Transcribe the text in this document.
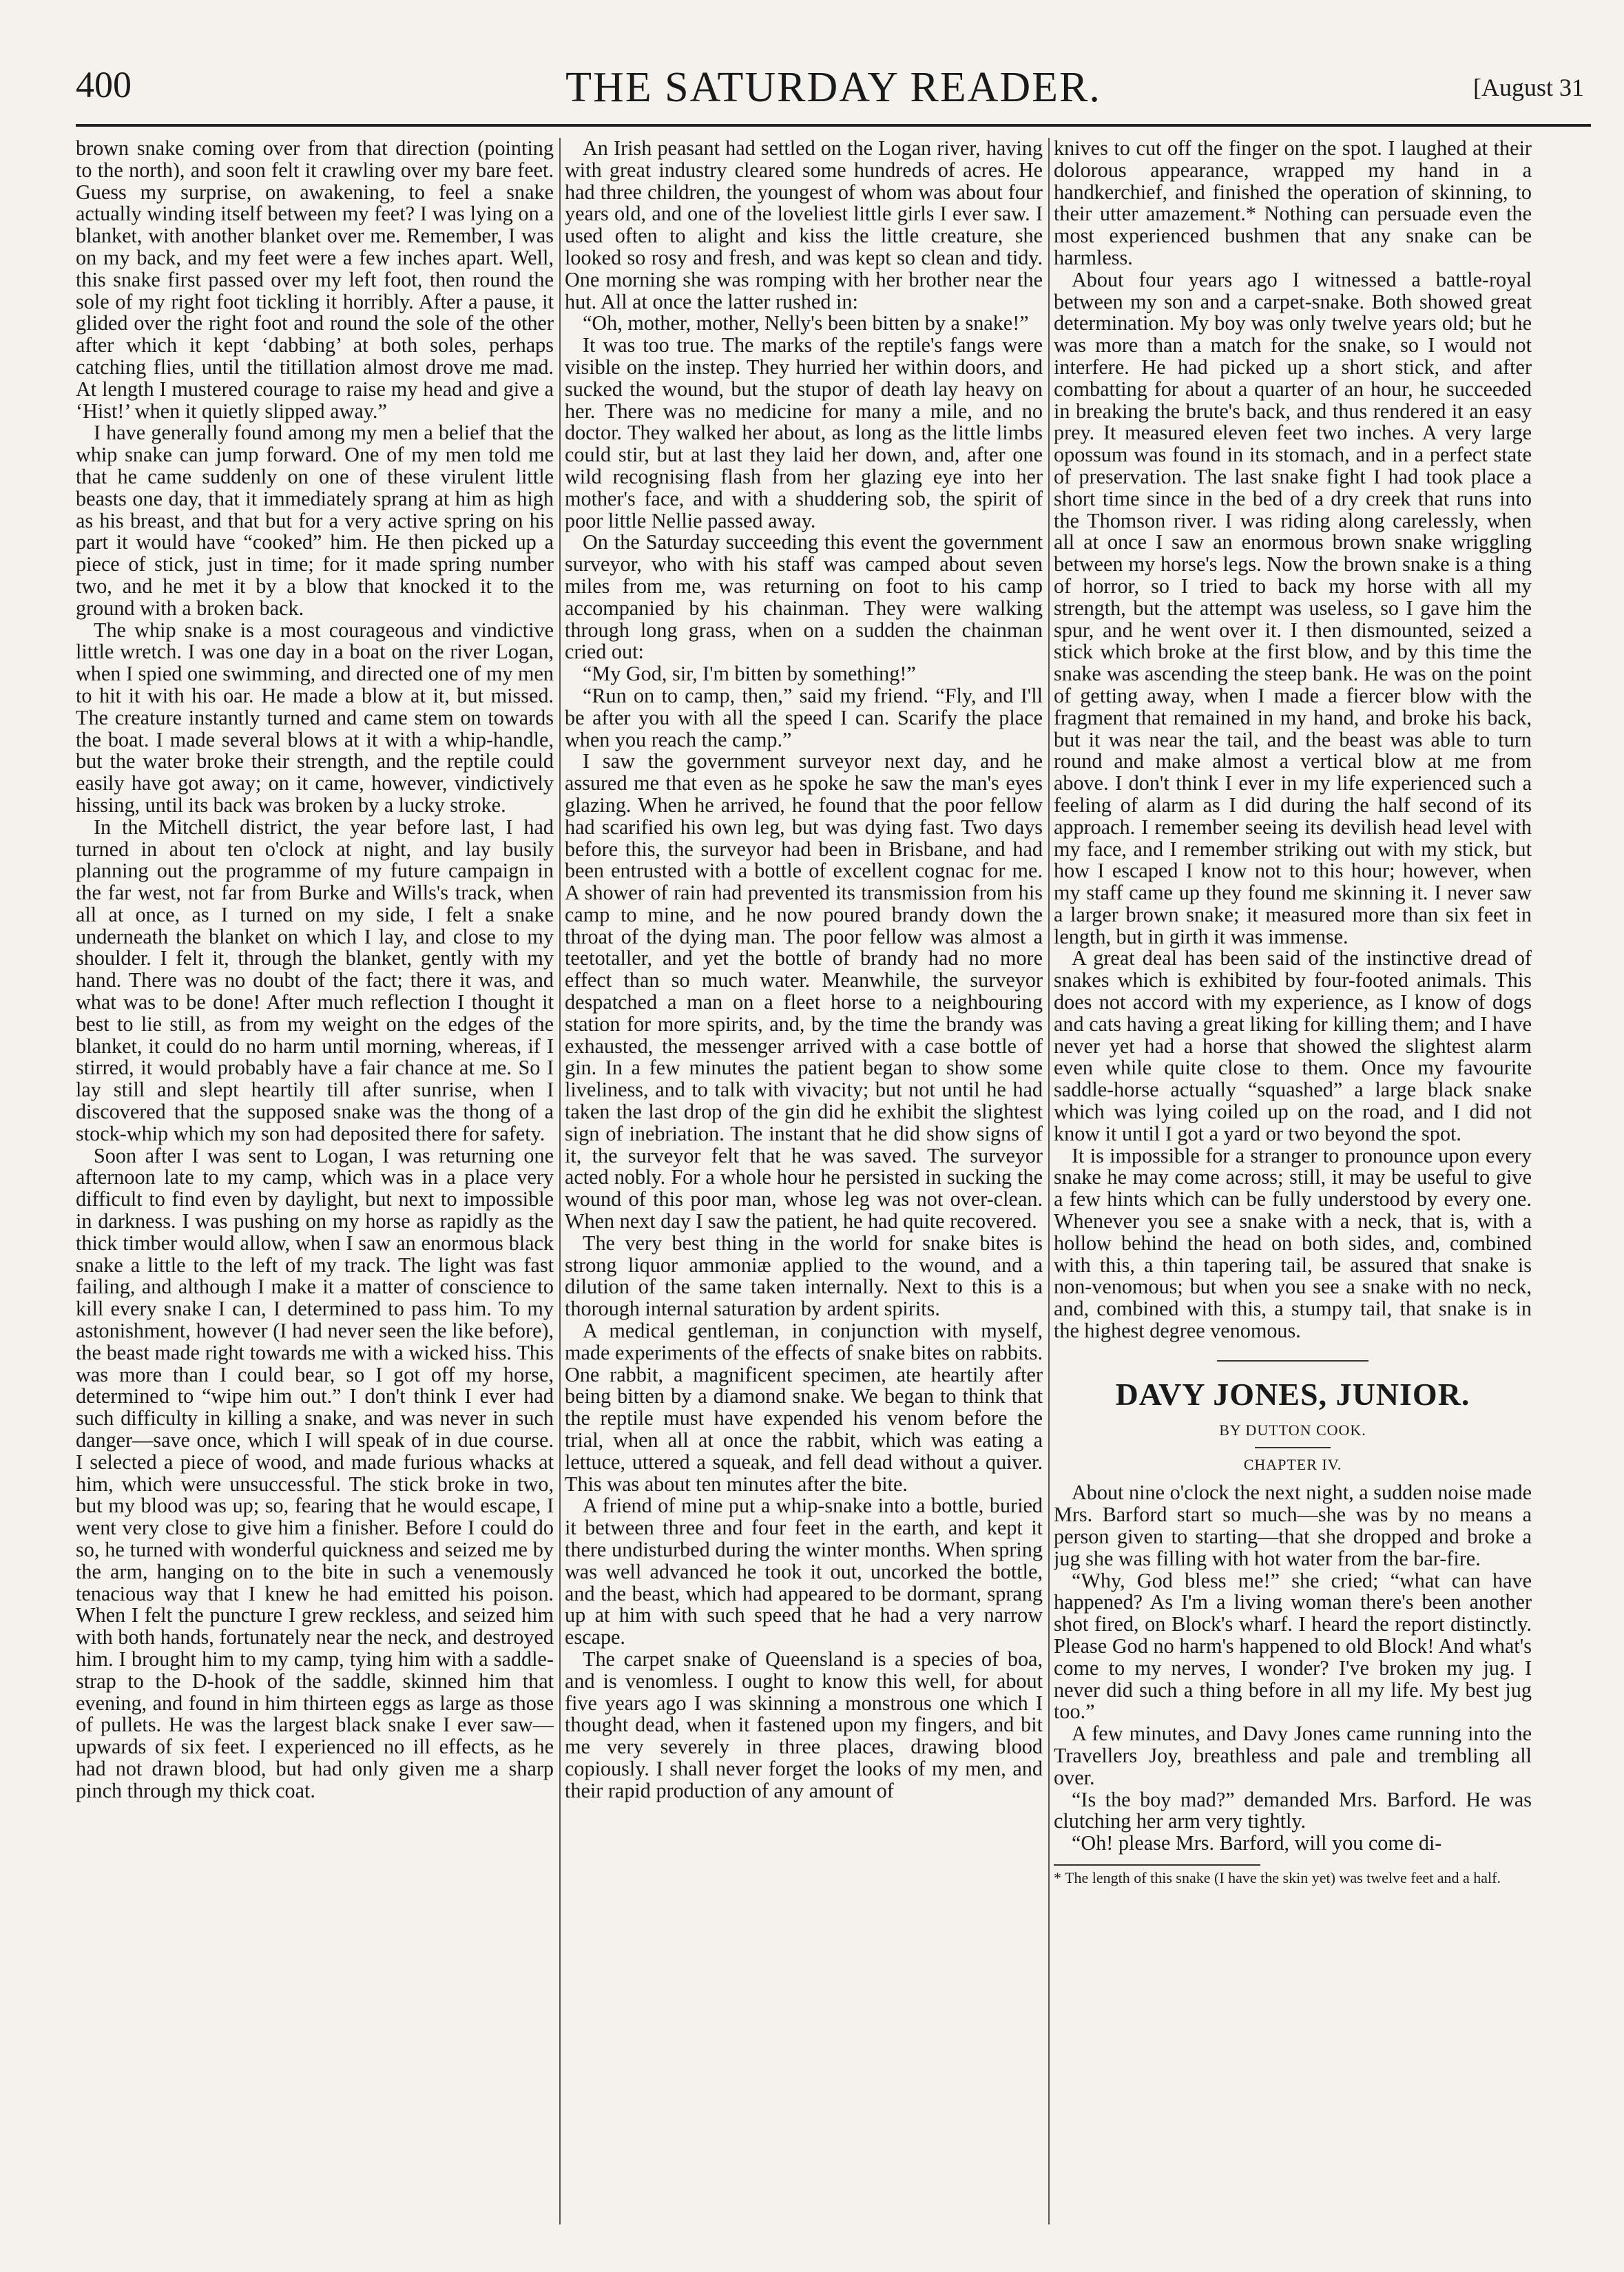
400	THE SATURDAY READER.	[August 31

brown snake coming over from that direction (pointing to the north), and soon felt it crawling over my bare feet. Guess my surprise, on awakening, to feel a snake actually winding itself between my feet? I was lying on a blanket, with another blanket over me. Remember, I was on my back, and my feet were a few inches apart. Well, this snake first passed over my left foot, then round the sole of my right foot tickling it horribly. After a pause, it glided over the right foot and round the sole of the other after which it kept ‘dabbing’ at both soles, perhaps catching flies, until the titillation almost drove me mad. At length I mustered courage to raise my head and give a ‘Hist!’ when it quietly slipped away.”

I have generally found among my men a belief that the whip snake can jump forward. One of my men told me that he came suddenly on one of these virulent little beasts one day, that it immediately sprang at him as high as his breast, and that but for a very active spring on his part it would have “cooked” him. He then picked up a piece of stick, just in time; for it made spring number two, and he met it by a blow that knocked it to the ground with a broken back.

The whip snake is a most courageous and vindictive little wretch. I was one day in a boat on the river Logan, when I spied one swimming, and directed one of my men to hit it with his oar. He made a blow at it, but missed. The creature instantly turned and came stem on towards the boat. I made several blows at it with a whip-handle, but the water broke their strength, and the reptile could easily have got away; on it came, however, vindictively hissing, until its back was broken by a lucky stroke.

In the Mitchell district, the year before last, I had turned in about ten o'clock at night, and lay busily planning out the programme of my future campaign in the far west, not far from Burke and Wills's track, when all at once, as I turned on my side, I felt a snake underneath the blanket on which I lay, and close to my shoulder. I felt it, through the blanket, gently with my hand. There was no doubt of the fact; there it was, and what was to be done! After much reflection I thought it best to lie still, as from my weight on the edges of the blanket, it could do no harm until morning, whereas, if I stirred, it would probably have a fair chance at me. So I lay still and slept heartily till after sunrise, when I discovered that the supposed snake was the thong of a stock-whip which my son had deposited there for safety.

Soon after I was sent to Logan, I was returning one afternoon late to my camp, which was in a place very difficult to find even by daylight, but next to impossible in darkness. I was pushing on my horse as rapidly as the thick timber would allow, when I saw an enormous black snake a little to the left of my track. The light was fast failing, and although I make it a matter of conscience to kill every snake I can, I determined to pass him. To my astonishment, however (I had never seen the like before), the beast made right towards me with a wicked hiss. This was more than I could bear, so I got off my horse, determined to “wipe him out.” I don't think I ever had such difficulty in killing a snake, and was never in such danger—save once, which I will speak of in due course. I selected a piece of wood, and made furious whacks at him, which were unsuccessful. The stick broke in two, but my blood was up; so, fearing that he would escape, I went very close to give him a finisher. Before I could do so, he turned with wonderful quickness and seized me by the arm, hanging on to the bite in such a venemously tenacious way that I knew he had emitted his poison. When I felt the puncture I grew reckless, and seized him with both hands, fortunately near the neck, and destroyed him. I brought him to my camp, tying him with a saddle-strap to the D-hook of the saddle, skinned him that evening, and found in him thirteen eggs as large as those of pullets. He was the largest black snake I ever saw—upwards of six feet. I experienced no ill effects, as he had not drawn blood, but had only given me a sharp pinch through my thick coat.

An Irish peasant had settled on the Logan river, having with great industry cleared some hundreds of acres. He had three children, the youngest of whom was about four years old, and one of the loveliest little girls I ever saw. I used often to alight and kiss the little creature, she looked so rosy and fresh, and was kept so clean and tidy. One morning she was romping with her brother near the hut. All at once the latter rushed in:

“Oh, mother, mother, Nelly's been bitten by a snake!”

It was too true. The marks of the reptile's fangs were visible on the instep. They hurried her within doors, and sucked the wound, but the stupor of death lay heavy on her. There was no medicine for many a mile, and no doctor. They walked her about, as long as the little limbs could stir, but at last they laid her down, and, after one wild recognising flash from her glazing eye into her mother's face, and with a shuddering sob, the spirit of poor little Nellie passed away.

On the Saturday succeeding this event the government surveyor, who with his staff was camped about seven miles from me, was returning on foot to his camp accompanied by his chainman. They were walking through long grass, when on a sudden the chainman cried out:

“My God, sir, I'm bitten by something!”

“Run on to camp, then,” said my friend. “Fly, and I'll be after you with all the speed I can. Scarify the place when you reach the camp.”

I saw the government surveyor next day, and he assured me that even as he spoke he saw the man's eyes glazing. When he arrived, he found that the poor fellow had scarified his own leg, but was dying fast. Two days before this, the surveyor had been in Brisbane, and had been entrusted with a bottle of excellent cognac for me. A shower of rain had prevented its transmission from his camp to mine, and he now poured brandy down the throat of the dying man. The poor fellow was almost a teetotaller, and yet the bottle of brandy had no more effect than so much water. Meanwhile, the surveyor despatched a man on a fleet horse to a neighbouring station for more spirits, and, by the time the brandy was exhausted, the messenger arrived with a case bottle of gin. In a few minutes the patient began to show some liveliness, and to talk with vivacity; but not until he had taken the last drop of the gin did he exhibit the slightest sign of inebriation. The instant that he did show signs of it, the surveyor felt that he was saved. The surveyor acted nobly. For a whole hour he persisted in sucking the wound of this poor man, whose leg was not over-clean. When next day I saw the patient, he had quite recovered.

The very best thing in the world for snake bites is strong liquor ammoniæ applied to the wound, and a dilution of the same taken internally. Next to this is a thorough internal saturation by ardent spirits.

A medical gentleman, in conjunction with myself, made experiments of the effects of snake bites on rabbits. One rabbit, a magnificent specimen, ate heartily after being bitten by a diamond snake. We began to think that the reptile must have expended his venom before the trial, when all at once the rabbit, which was eating a lettuce, uttered a squeak, and fell dead without a quiver. This was about ten minutes after the bite.

A friend of mine put a whip-snake into a bottle, buried it between three and four feet in the earth, and kept it there undisturbed during the winter months. When spring was well advanced he took it out, uncorked the bottle, and the beast, which had appeared to be dormant, sprang up at him with such speed that he had a very narrow escape.

The carpet snake of Queensland is a species of boa, and is venomless. I ought to know this well, for about five years ago I was skinning a monstrous one which I thought dead, when it fastened upon my fingers, and bit me very severely in three places, drawing blood copiously. I shall never forget the looks of my men, and their rapid production of any amount of

knives to cut off the finger on the spot. I laughed at their dolorous appearance, wrapped my hand in a handkerchief, and finished the operation of skinning, to their utter amazement.* Nothing can persuade even the most experienced bushmen that any snake can be harmless.

About four years ago I witnessed a battle-royal between my son and a carpet-snake. Both showed great determination. My boy was only twelve years old; but he was more than a match for the snake, so I would not interfere. He had picked up a short stick, and after combatting for about a quarter of an hour, he succeeded in breaking the brute's back, and thus rendered it an easy prey. It measured eleven feet two inches. A very large opossum was found in its stomach, and in a perfect state of preservation. The last snake fight I had took place a short time since in the bed of a dry creek that runs into the Thomson river. I was riding along carelessly, when all at once I saw an enormous brown snake wriggling between my horse's legs. Now the brown snake is a thing of horror, so I tried to back my horse with all my strength, but the attempt was useless, so I gave him the spur, and he went over it. I then dismounted, seized a stick which broke at the first blow, and by this time the snake was ascending the steep bank. He was on the point of getting away, when I made a fiercer blow with the fragment that remained in my hand, and broke his back, but it was near the tail, and the beast was able to turn round and make almost a vertical blow at me from above. I don't think I ever in my life experienced such a feeling of alarm as I did during the half second of its approach. I remember seeing its devilish head level with my face, and I remember striking out with my stick, but how I escaped I know not to this hour; however, when my staff came up they found me skinning it. I never saw a larger brown snake; it measured more than six feet in length, but in girth it was immense.

A great deal has been said of the instinctive dread of snakes which is exhibited by four-footed animals. This does not accord with my experience, as I know of dogs and cats having a great liking for killing them; and I have never yet had a horse that showed the slightest alarm even while quite close to them. Once my favourite saddle-horse actually “squashed” a large black snake which was lying coiled up on the road, and I did not know it until I got a yard or two beyond the spot.

It is impossible for a stranger to pronounce upon every snake he may come across; still, it may be useful to give a few hints which can be fully understood by every one. Whenever you see a snake with a neck, that is, with a hollow behind the head on both sides, and, combined with this, a thin tapering tail, be assured that snake is non-venomous; but when you see a snake with no neck, and, combined with this, a stumpy tail, that snake is in the highest degree venomous.

DAVY JONES, JUNIOR.
BY DUTTON COOK.
CHAPTER IV.

About nine o'clock the next night, a sudden noise made Mrs. Barford start so much—she was by no means a person given to starting—that she dropped and broke a jug she was filling with hot water from the bar-fire.

“Why, God bless me!” she cried; “what can have happened? As I'm a living woman there's been another shot fired, on Block's wharf. I heard the report distinctly. Please God no harm's happened to old Block! And what's come to my nerves, I wonder? I've broken my jug. I never did such a thing before in all my life. My best jug too.”

A few minutes, and Davy Jones came running into the Travellers Joy, breathless and pale and trembling all over.

“Is the boy mad?” demanded Mrs. Barford. He was clutching her arm very tightly.

“Oh! please Mrs. Barford, will you come di-

* The length of this snake (I have the skin yet) was twelve feet and a half.
